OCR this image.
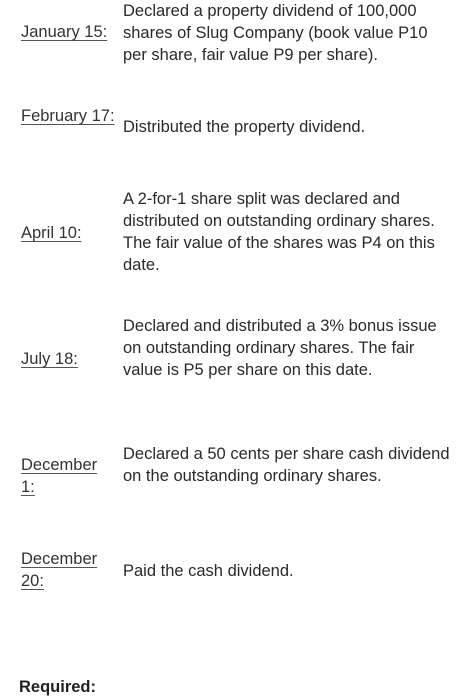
January 15:
Declared a property dividend of 100,000 shares of Slug Company (book value P10 per share, fair value P9 per share).
February 17:
Distributed the property dividend.
April 10:
A 2-for-1 share split was declared and distributed on outstanding ordinary shares. The fair value of the shares was P4 on this date.
July 18:
Declared and distributed a 3% bonus issue on outstanding ordinary shares. The fair value is P5 per share on this date.
December 1:
Declared a 50 cents per share cash dividend on the outstanding ordinary shares.
December 20:
Paid the cash dividend.
Required:
